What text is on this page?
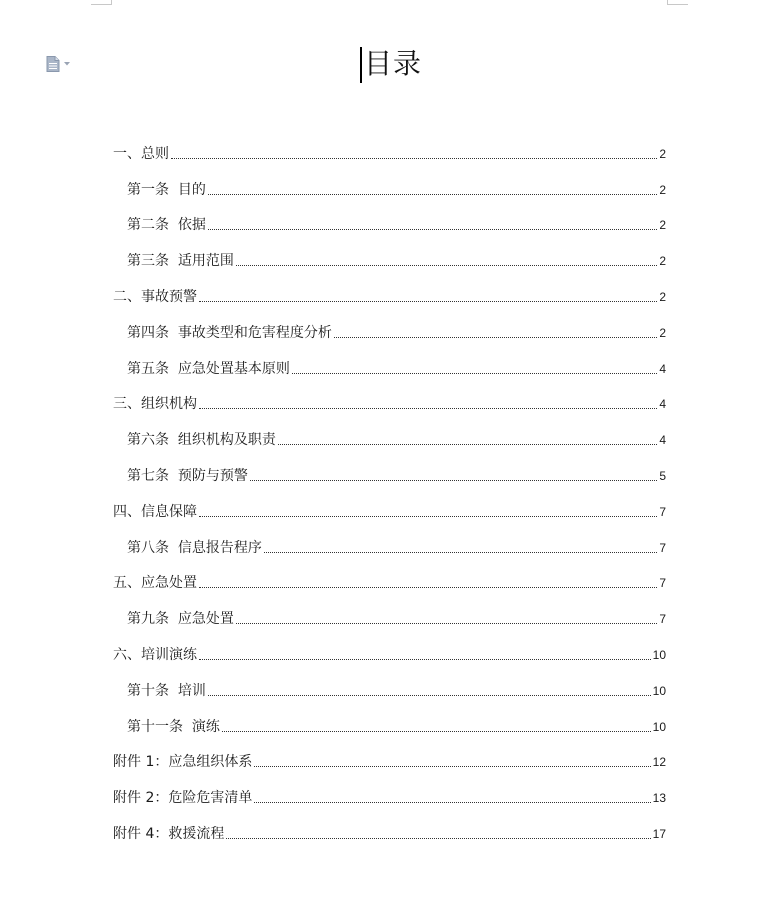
目录
一、总则	2
第一条  目的	2
第二条  依据	2
第三条  适用范围	2
二、事故预警	2
第四条  事故类型和危害程度分析	2
第五条  应急处置基本原则	4
三、组织机构	4
第六条  组织机构及职责	4
第七条  预防与预警	5
四、信息保障	7
第八条  信息报告程序	7
五、应急处置	7
第九条  应急处置	7
六、培训演练	10
第十条  培训	10
第十一条  演练	10
附件 1：应急组织体系	12
附件 2：危险危害清单	13
附件 4：救援流程	17
